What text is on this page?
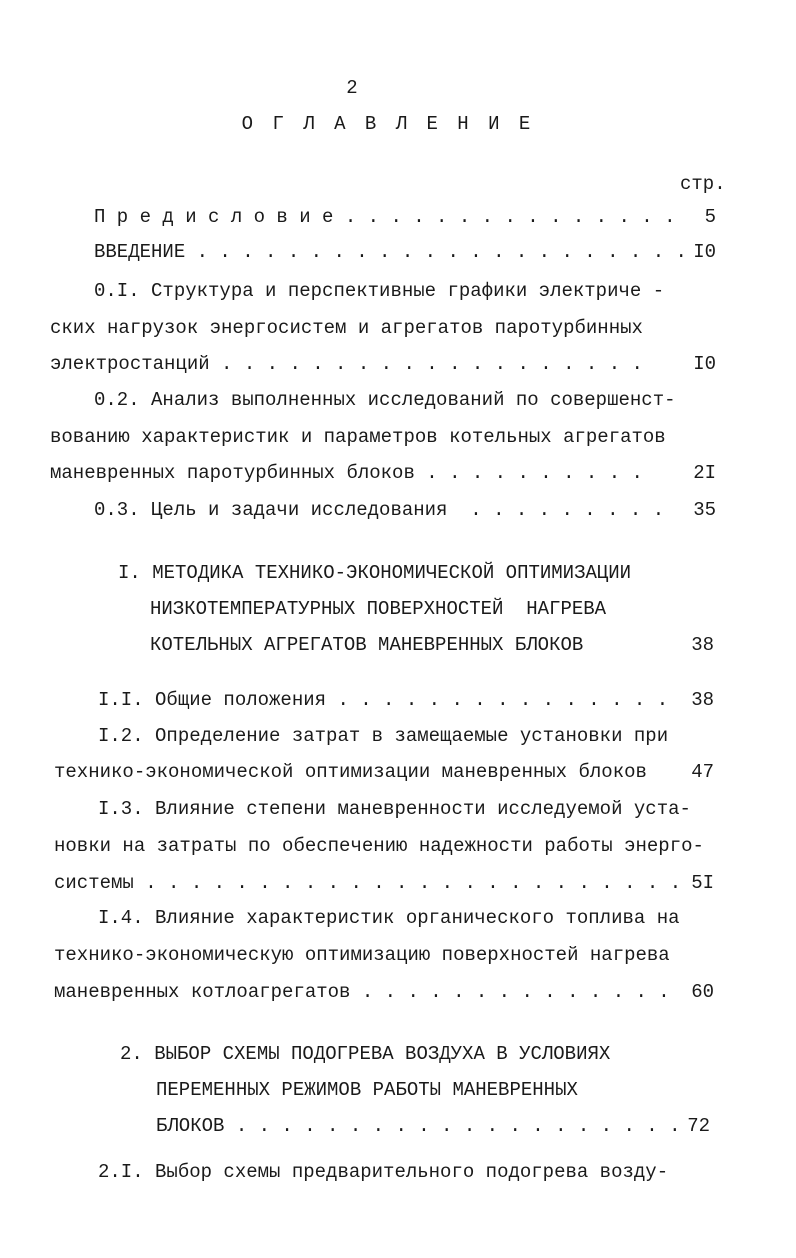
2
О Г Л А В Л Е Н И Е
стр.
П р е д и с л о в и е . . . . . . . . . . . . . . .	5
ВВЕДЕНИЕ . . . . . . . . . . . . . . . . . . . . . . I0
0.I. Структура и перспективные графики электриче -
ских нагрузок энергосистем и агрегатов паротурбинных
электростанций . . . . . . . . . . . . . . . . . . .	I0
0.2. Анализ выполненных исследований по совершенст-
вованию характеристик и параметров котельных агрегатов
маневренных паротурбинных блоков . . . . . . . . . .	2I
0.3. Цель и задачи исследования  . . . . . . . . .	35
I. МЕТОДИКА ТЕХНИКО-ЭКОНОМИЧЕСКОЙ ОПТИМИЗАЦИИ
НИЗКОТЕМПЕРАТУРНЫХ ПОВЕРХНОСТЕЙ  НАГРЕВА
КОТЕЛЬНЫХ АГРЕГАТОВ МАНЕВРЕННЫХ БЛОКОВ	38
I.I. Общие положения . . . . . . . . . . . . . . .	38
I.2. Определение затрат в замещаемые установки при
технико-экономической оптимизации маневренных блоков	47
I.3. Влияние степени маневренности исследуемой уста-
новки на затраты по обеспечению надежности работы энерго-
системы . . . . . . . . . . . . . . . . . . . . . . . . 5I
I.4. Влияние характеристик органического топлива на
технико-экономическую оптимизацию поверхностей нагрева
маневренных котлоагрегатов . . . . . . . . . . . . . .	60
2. ВЫБОР СХЕМЫ ПОДОГРЕВА ВОЗДУХА В УСЛОВИЯХ
ПЕРЕМЕННЫХ РЕЖИМОВ РАБОТЫ МАНЕВРЕННЫХ
БЛОКОВ . . . . . . . . . . . . . . . . . . . . 72
2.I. Выбор схемы предварительного подогрева возду-
